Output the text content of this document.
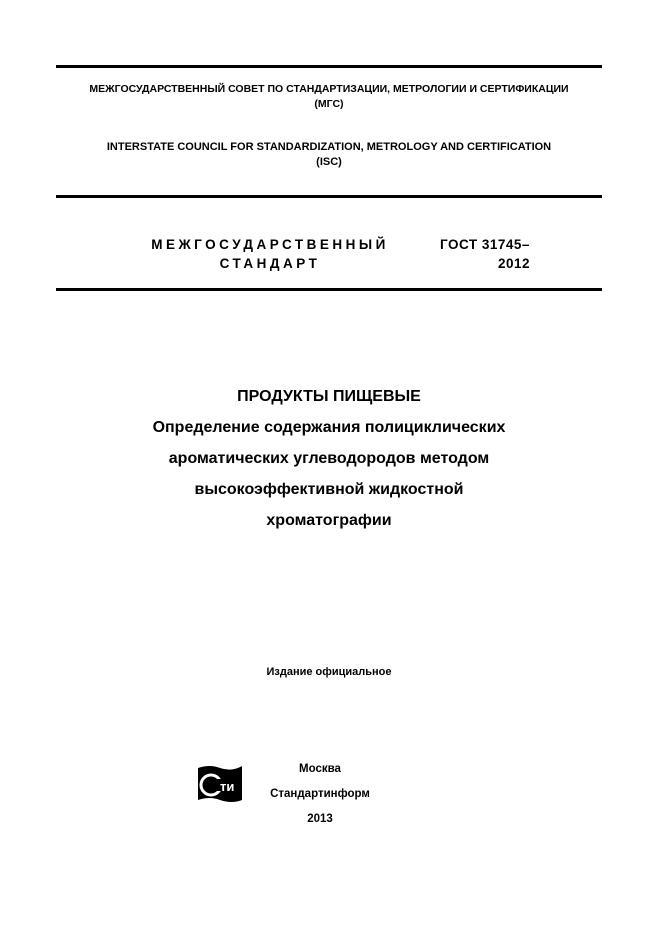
МЕЖГОСУДАРСТВЕННЫЙ СОВЕТ ПО СТАНДАРТИЗАЦИИ, МЕТРОЛОГИИ И СЕРТИФИКАЦИИ
(МГС)
INTERSTATE COUNCIL FOR STANDARDIZATION, METROLOGY AND CERTIFICATION
(ISC)
МЕЖГОСУДАРСТВЕННЫЙ
СТАНДАРТ
ГОСТ 31745–
2012
ПРОДУКТЫ ПИЩЕВЫЕ
Определение содержания полициклических
ароматических углеводородов методом
высокоэффективной жидкостной
хроматографии
Издание официальное
ти
Москва
Стандартинформ
2013
